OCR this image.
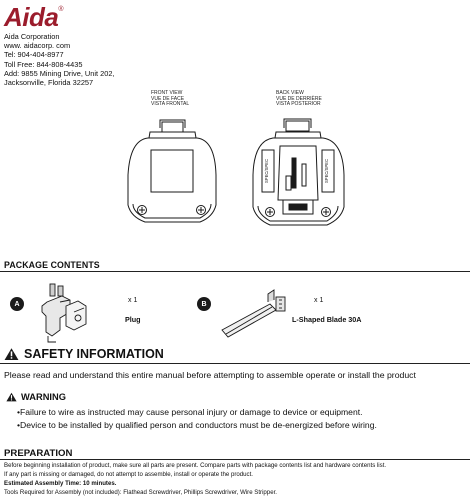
Aida®
Aida Corporation
www. aidacorp. com
Tel: 904-404-8977
Toll Free: 844-808-4435
Add: 9855 Mining Drive, Unit 202,
Jacksonville, Florida 32257
FRONT VIEW
VUE DE FACE
VISTA FRONTAL
BACK VIEW
VUE DE DERRIÈRE
VISTA POSTERIOR
SPEC/SPEC	SPEC/SPEC
PACKAGE CONTENTS
A	x 1
Plug
B	x 1
L-Shaped Blade 30A
SAFETY INFORMATION
Please read and understand this entire manual before attempting to assemble operate or install the product
WARNING
•Failure to wire as instructed may cause personal injury or damage to device or equipment.
•Device to be installed by qualified person and conductors must be de-energized before wiring.
PREPARATION
Before beginning installation of product, make sure all parts are present. Compare parts with package contents list and hardware contents list.
If any part is missing or damaged, do not attempt to assemble, install or operate the product.
Estimated Assembly Time: 10 minutes.
Tools Required for Assembly (not included): Flathead Screwdriver, Phillips Screwdriver, Wire Stripper.
